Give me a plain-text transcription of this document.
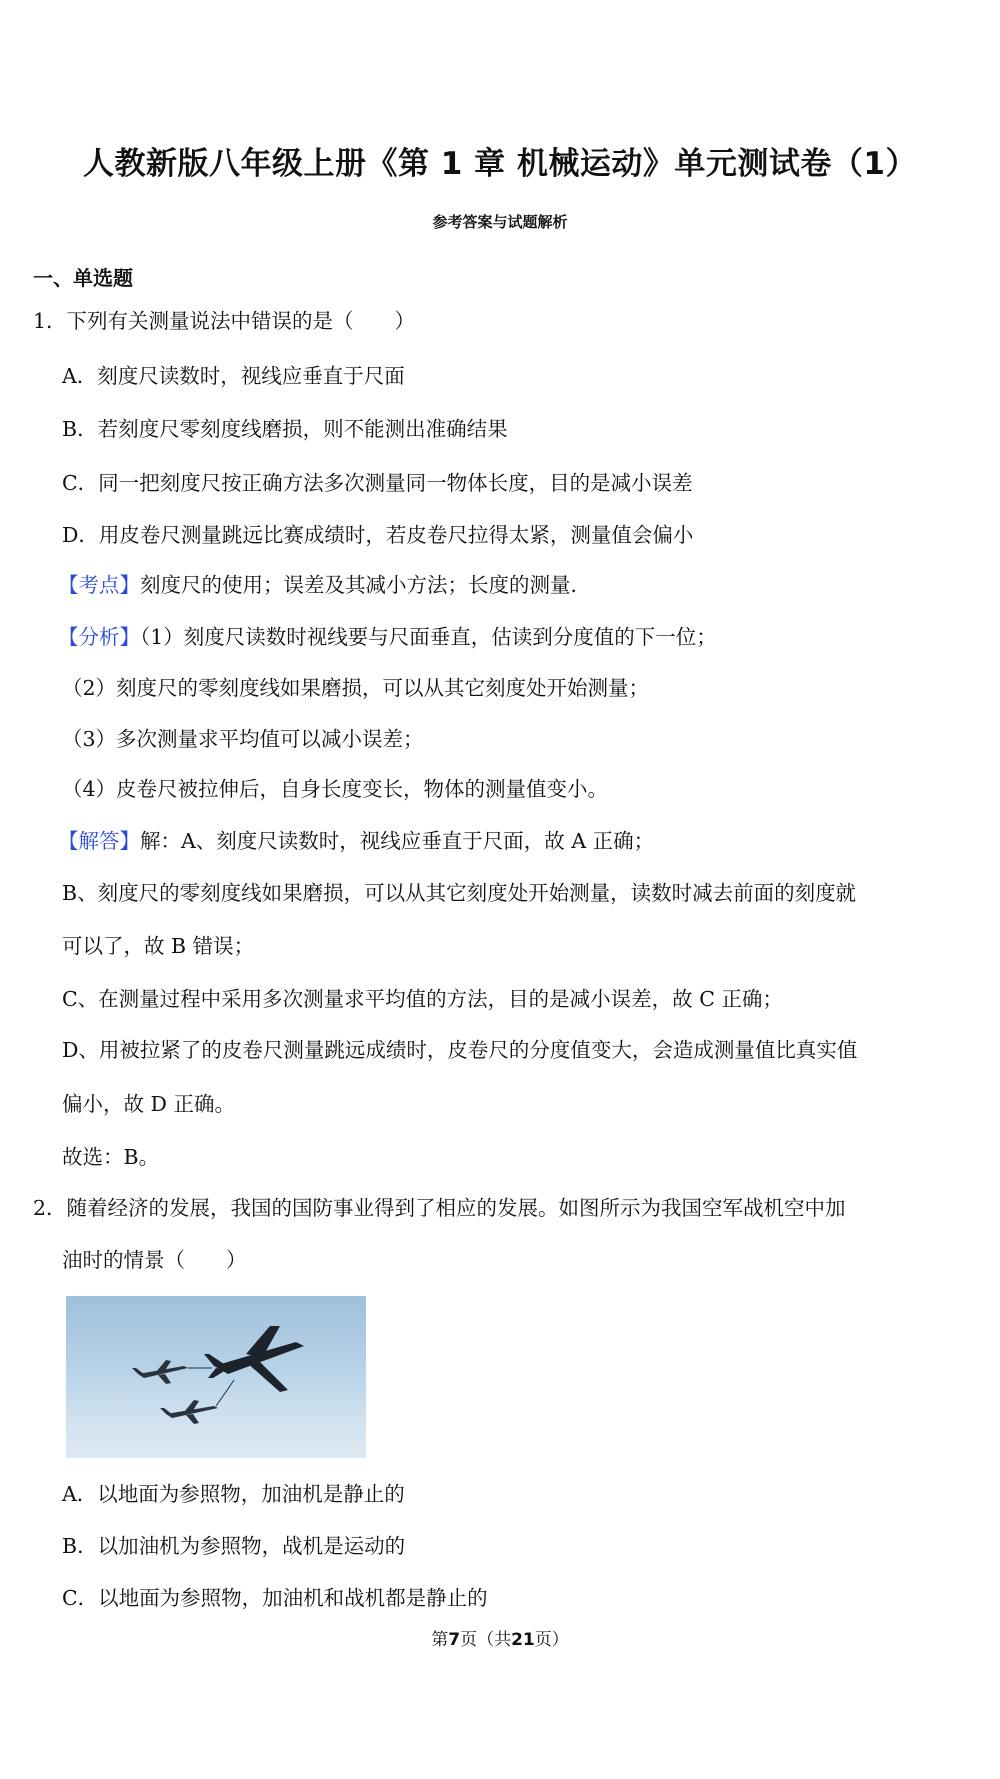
人教新版八年级上册《第 1 章 机械运动》单元测试卷（1）
参考答案与试题解析
一、单选题
1．下列有关测量说法中错误的是（　　）
A．刻度尺读数时，视线应垂直于尺面
B．若刻度尺零刻度线磨损，则不能测出准确结果
C．同一把刻度尺按正确方法多次测量同一物体长度，目的是减小误差
D．用皮卷尺测量跳远比赛成绩时，若皮卷尺拉得太紧，测量值会偏小
【考点】刻度尺的使用；误差及其减小方法；长度的测量．
【分析】（1）刻度尺读数时视线要与尺面垂直，估读到分度值的下一位；
（2）刻度尺的零刻度线如果磨损，可以从其它刻度处开始测量；
（3）多次测量求平均值可以减小误差；
（4）皮卷尺被拉伸后，自身长度变长，物体的测量值变小。
【解答】解：A、刻度尺读数时，视线应垂直于尺面，故 A 正确；
B、刻度尺的零刻度线如果磨损，可以从其它刻度处开始测量，读数时减去前面的刻度就
可以了，故 B 错误；
C、在测量过程中采用多次测量求平均值的方法，目的是减小误差，故 C 正确；
D、用被拉紧了的皮卷尺测量跳远成绩时，皮卷尺的分度值变大，会造成测量值比真实值
偏小，故 D 正确。
故选：B。
2．随着经济的发展，我国的国防事业得到了相应的发展。如图所示为我国空军战机空中加
油时的情景（　　）
A．以地面为参照物，加油机是静止的
B．以加油机为参照物，战机是运动的
C．以地面为参照物，加油机和战机都是静止的
第7页（共21页）
